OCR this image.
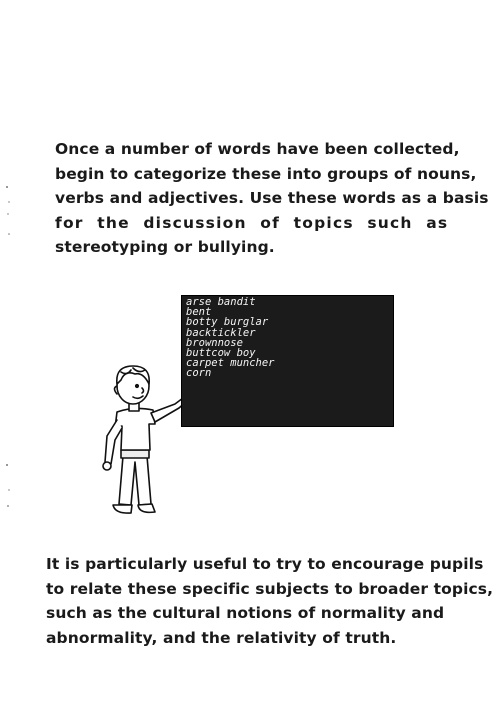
Once a number of words have been collected,
begin to categorize these into groups of nouns,
verbs and adjectives. Use these words as a basis
for the discussion of topics such as
stereotyping or bullying.

arse bandit
bent
botty burglar
backtickler
brownnose
buttcow boy
carpet muncher
corn

It is particularly useful to try to encourage pupils
to relate these specific subjects to broader topics,
such as the cultural notions of normality and
abnormality, and the relativity of truth.
